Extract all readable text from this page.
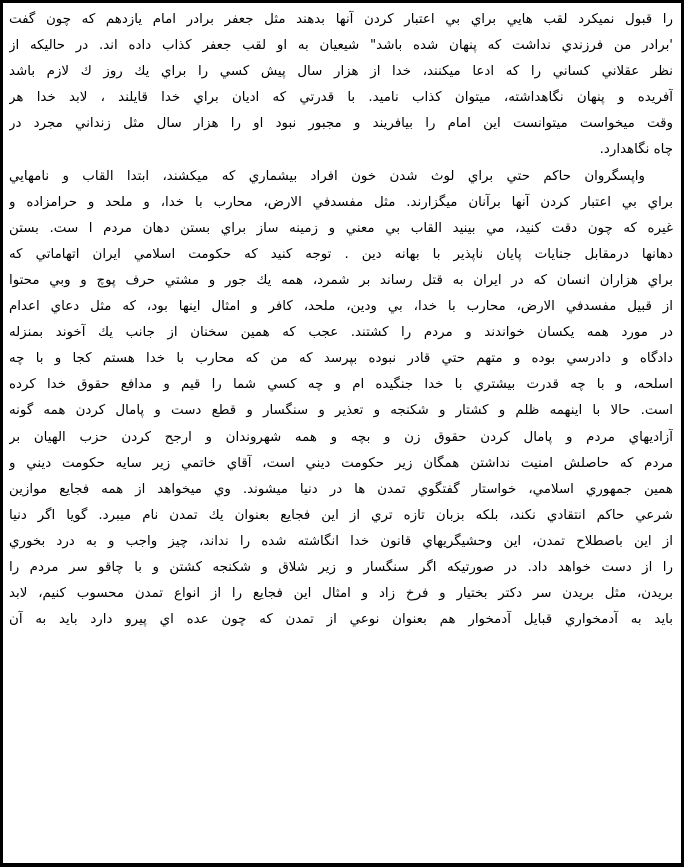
را قبول نميكرد لقب هايي براي بي اعتبار كردن آنها بدهند مثل جعفر برادر امام يازدهم كه چون گفت
'برادر من فرزندي نداشت كه پنهان شده باشد" شيعيان به او لقب جعفر كذاب داده اند. در حاليكه از
نظر عقلاني كساني را كه ادعا ميكنند، خدا از هزار سال پيش كسي را براي يك روز ك لازم باشد
آفريده و پنهان نگاهداشته، ميتوان كذاب ناميد. با قدرتي كه اديان براي خدا قايلند ، لابد خدا هر
وقت ميخواست ميتوانست اين امام را بيافريند و مجبور نبود او را هزار سال مثل زنداني مجرد در
چاه نگاهدارد.
واپسگروان حاكم حتي براي لوث شدن خون افراد بيشماري كه ميكشند، ابتدا القاب و نامهايي
براي بي اعتبار كردن آنها برآنان ميگزارند. مثل مفسدفي الارض، محارب با خدا، و ملحد و حرامزاده و
غيره كه چون دقت كنيد، مي بينيد القاب بي معني و زمينه ساز براي بستن دهان مردم ا ست. بستن
دهانها درمقابل جنايات پايان ناپذير با بهانه دين . توجه كنيد كه حكومت اسلامي ايران اتهاماتي كه
براي هزاران انسان كه در ايران به قتل رساند بر شمرد، همه يك جور و مشتي حرف پوچ و وبي محتوا
از قبيل مفسدفي الارض، محارب با خدا، بي ودين، ملحد، كافر و امثال اينها بود، كه مثل دعاي اعدام
در مورد همه يكسان خواندند و مردم را كشتند. عجب كه همين سخنان از جانب يك آخوند بمنزله
دادگاه و دادرسي بوده و متهم حتي قادر نبوده بپرسد كه من كه محارب با خدا هستم كجا و با چه
اسلحه، و با چه قدرت بيشتري با خدا جنگيده ام و چه كسي شما را قيم و مدافع حقوق خدا كرده
است. حالا با اينهمه ظلم و كشتار و شكنجه و تعذير و سنگسار و قطع دست و پامال كردن همه گونه
آزاديهاي مردم و پامال كردن حقوق زن و بچه و همه شهروندان و ارجح كردن حزب الهيان بر
مردم كه حاصلش امنيت نداشتن همگان زير حكومت ديني است، آقاي خاتمي زير سايه حكومت ديني و
همين جمهوري اسلامي، خواستار گفتگوي تمدن ها در دنيا ميشوند. وي ميخواهد از همه فجايع موازين
شرعي حاكم انتقادي نكند، بلكه بزبان تازه تري از اين فجايع بعنوان يك تمدن نام ميبرد. گويا اگر دنيا
از اين باصطلاح تمدن، اين وحشيگريهاي قانون خدا انگاشته شده را نداند، چيز واجب و به درد بخوري
را از دست خواهد داد. در صورتيكه اگر سنگسار و زير شلاق و شكنجه كشتن و با چاقو سر مردم را
بريدن، مثل بريدن سر دكتر بختيار و فرخ زاد و امثال اين فجايع را از انواع تمدن محسوب كنيم، لابد
بايد به آدمخواري قبايل آدمخوار هم بعنوان نوعي از تمدن كه چون عده اي پيرو دارد بايد به آن
